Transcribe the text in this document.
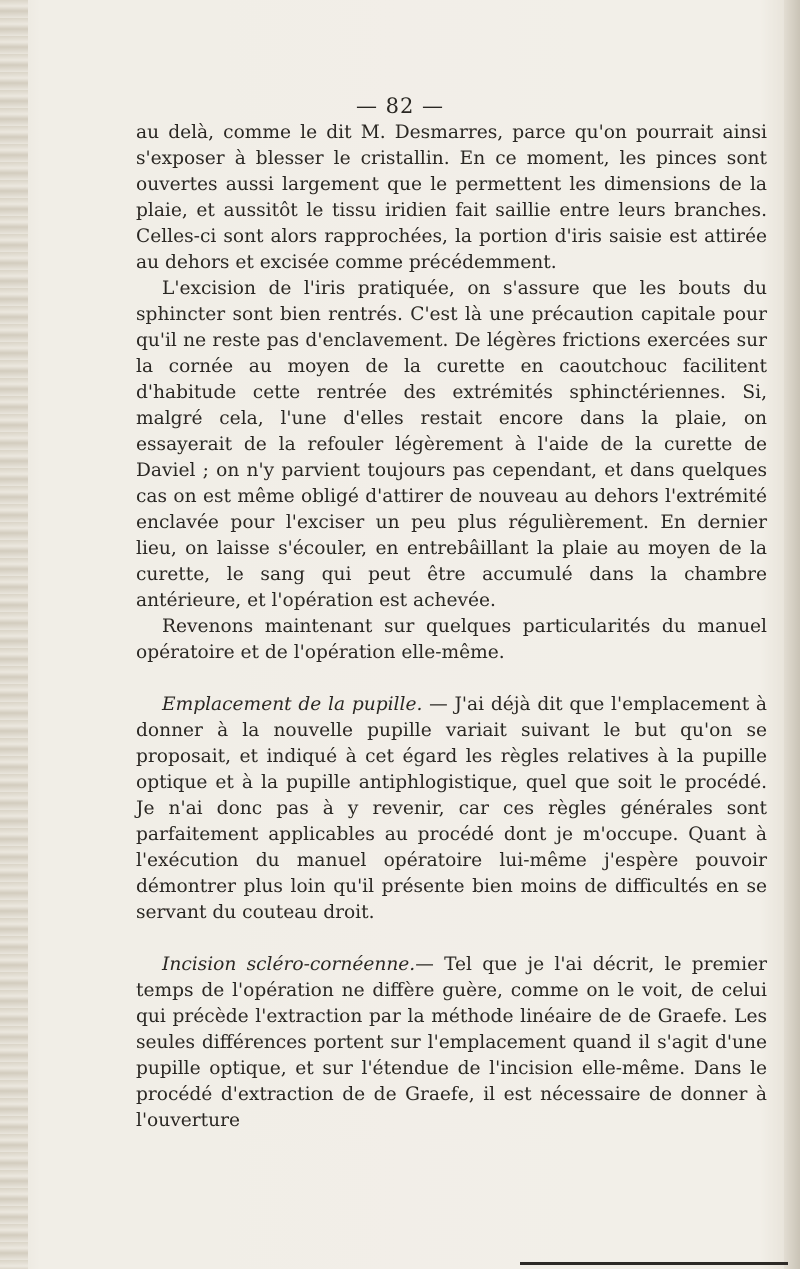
— 82 —

au delà, comme le dit M. Desmarres, parce qu'on pourrait ainsi s'exposer à blesser le cristallin. En ce moment, les pinces sont ouvertes aussi largement que le permettent les dimensions de la plaie, et aussitôt le tissu iridien fait saillie entre leurs branches. Celles-ci sont alors rapprochées, la portion d'iris saisie est attirée au dehors et excisée comme précédemment.

L'excision de l'iris pratiquée, on s'assure que les bouts du sphincter sont bien rentrés. C'est là une précaution capitale pour qu'il ne reste pas d'enclavement. De légères frictions exercées sur la cornée au moyen de la curette en caoutchouc facilitent d'habitude cette rentrée des extrémités sphinctériennes. Si, malgré cela, l'une d'elles restait encore dans la plaie, on essayerait de la refouler légèrement à l'aide de la curette de Daviel ; on n'y parvient toujours pas cependant, et dans quelques cas on est même obligé d'attirer de nouveau au dehors l'extrémité enclavée pour l'exciser un peu plus régulièrement. En dernier lieu, on laisse s'écouler, en entrebâillant la plaie au moyen de la curette, le sang qui peut être accumulé dans la chambre antérieure, et l'opération est achevée.

Revenons maintenant sur quelques particularités du manuel opératoire et de l'opération elle-même.

Emplacement de la pupille. — J'ai déjà dit que l'emplacement à donner à la nouvelle pupille variait suivant le but qu'on se proposait, et indiqué à cet égard les règles relatives à la pupille optique et à la pupille antiphlogistique, quel que soit le procédé. Je n'ai donc pas à y revenir, car ces règles générales sont parfaitement applicables au procédé dont je m'occupe. Quant à l'exécution du manuel opératoire lui-même j'espère pouvoir démontrer plus loin qu'il présente bien moins de difficultés en se servant du couteau droit.

Incision scléro-cornéenne.— Tel que je l'ai décrit, le premier temps de l'opération ne diffère guère, comme on le voit, de celui qui précède l'extraction par la méthode linéaire de de Graefe. Les seules différences portent sur l'emplacement quand il s'agit d'une pupille optique, et sur l'étendue de l'incision elle-même. Dans le procédé d'extraction de de Graefe, il est nécessaire de donner à l'ouverture
